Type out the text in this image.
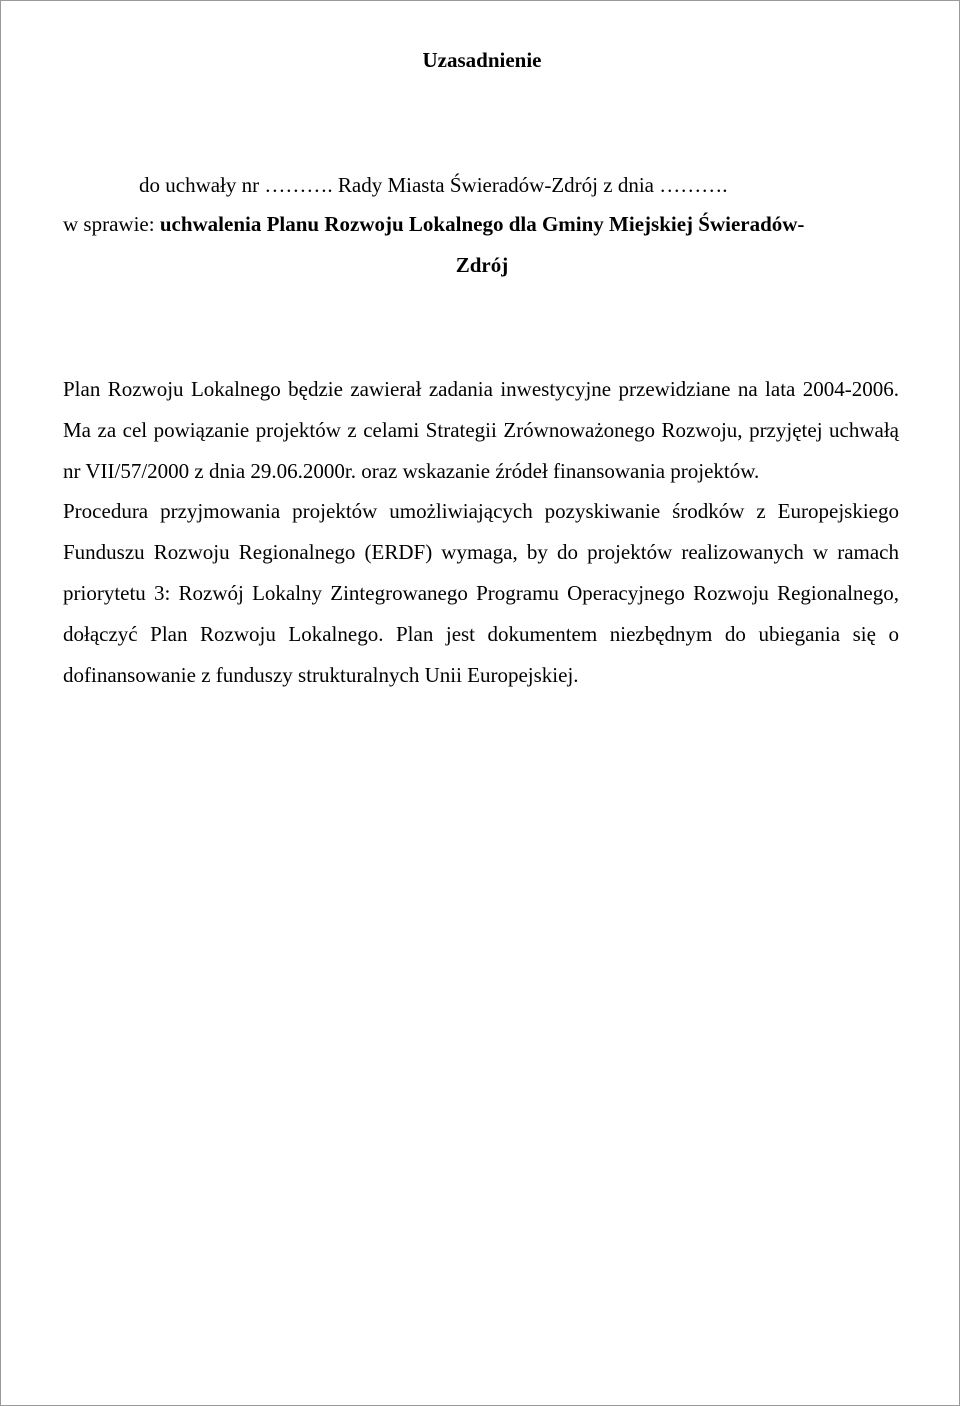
Uzasadnienie
do uchwały nr ………. Rady Miasta Świeradów-Zdrój z dnia ……….
w sprawie: uchwalenia Planu Rozwoju Lokalnego dla Gminy Miejskiej Świeradów-
Zdrój

Plan Rozwoju Lokalnego będzie zawierał zadania inwestycyjne przewidziane na lata 2004-2006. Ma za cel powiązanie projektów z celami Strategii Zrównoważonego Rozwoju, przyjętej uchwałą nr VII/57/2000 z dnia 29.06.2000r. oraz wskazanie źródeł finansowania projektów.

Procedura przyjmowania projektów umożliwiających pozyskiwanie środków z Europejskiego Funduszu Rozwoju Regionalnego (ERDF) wymaga, by do projektów realizowanych w ramach priorytetu 3: Rozwój Lokalny Zintegrowanego Programu Operacyjnego Rozwoju Regionalnego, dołączyć Plan Rozwoju Lokalnego. Plan jest dokumentem niezbędnym do ubiegania się o dofinansowanie z funduszy strukturalnych Unii Europejskiej.
